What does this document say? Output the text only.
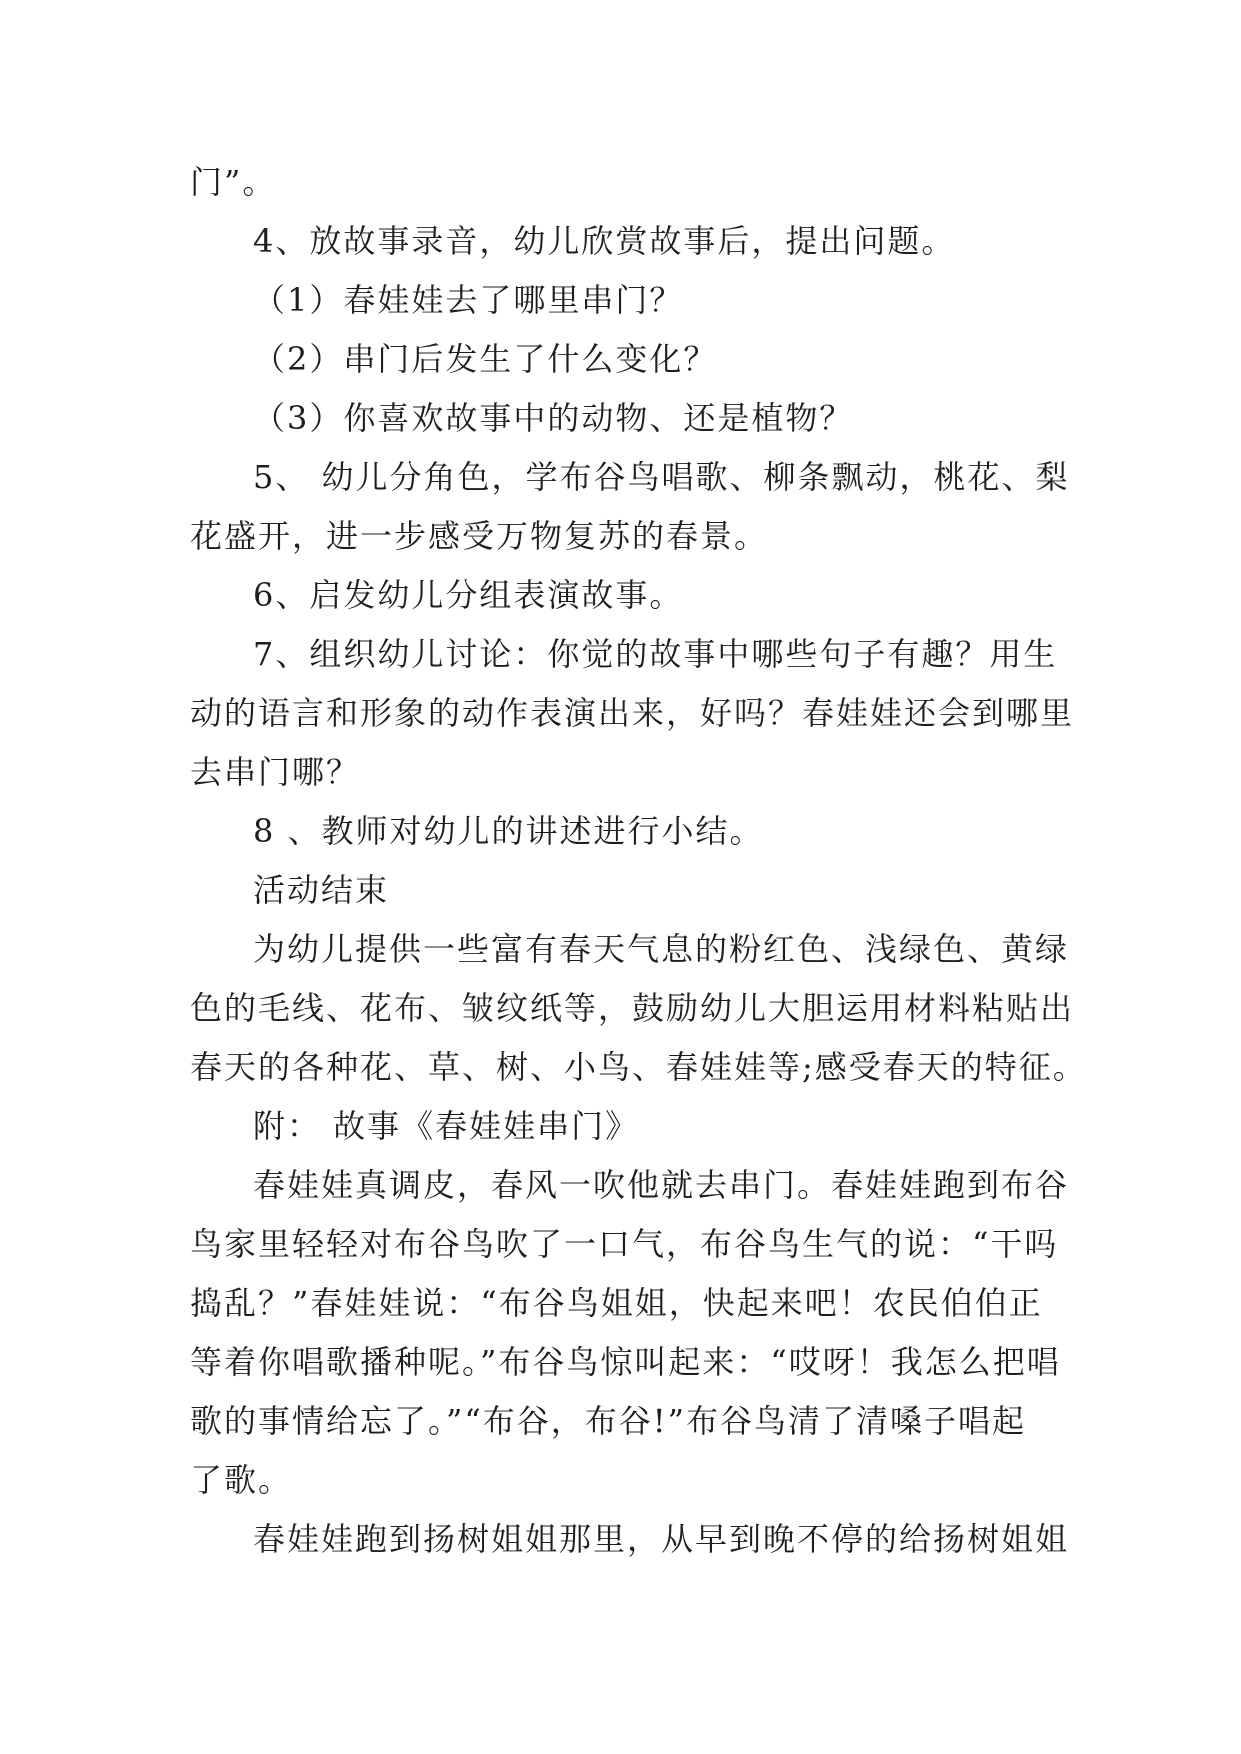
门”。
4、放故事录音，幼儿欣赏故事后，提出问题。
（1）春娃娃去了哪里串门？
（2）串门后发生了什么变化？
（3）你喜欢故事中的动物、还是植物？
5、 幼儿分角色，学布谷鸟唱歌、柳条飘动，桃花、梨
花盛开，进一步感受万物复苏的春景。
6、启发幼儿分组表演故事。
7、组织幼儿讨论：你觉的故事中哪些句子有趣？用生
动的语言和形象的动作表演出来，好吗？春娃娃还会到哪里
去串门哪？
8 、教师对幼儿的讲述进行小结。
活动结束
为幼儿提供一些富有春天气息的粉红色、浅绿色、黄绿
色的毛线、花布、皱纹纸等，鼓励幼儿大胆运用材料粘贴出
春天的各种花、草、树、小鸟、春娃娃等;感受春天的特征。
附： 故事《春娃娃串门》
春娃娃真调皮，春风一吹他就去串门。春娃娃跑到布谷
鸟家里轻轻对布谷鸟吹了一口气，布谷鸟生气的说：“干吗
捣乱？”春娃娃说：“布谷鸟姐姐，快起来吧！农民伯伯正
等着你唱歌播种呢。”布谷鸟惊叫起来：“哎呀！我怎么把唱
歌的事情给忘了。”“布谷，布谷!”布谷鸟清了清嗓子唱起
了歌。
春娃娃跑到扬树姐姐那里，从早到晚不停的给扬树姐姐
